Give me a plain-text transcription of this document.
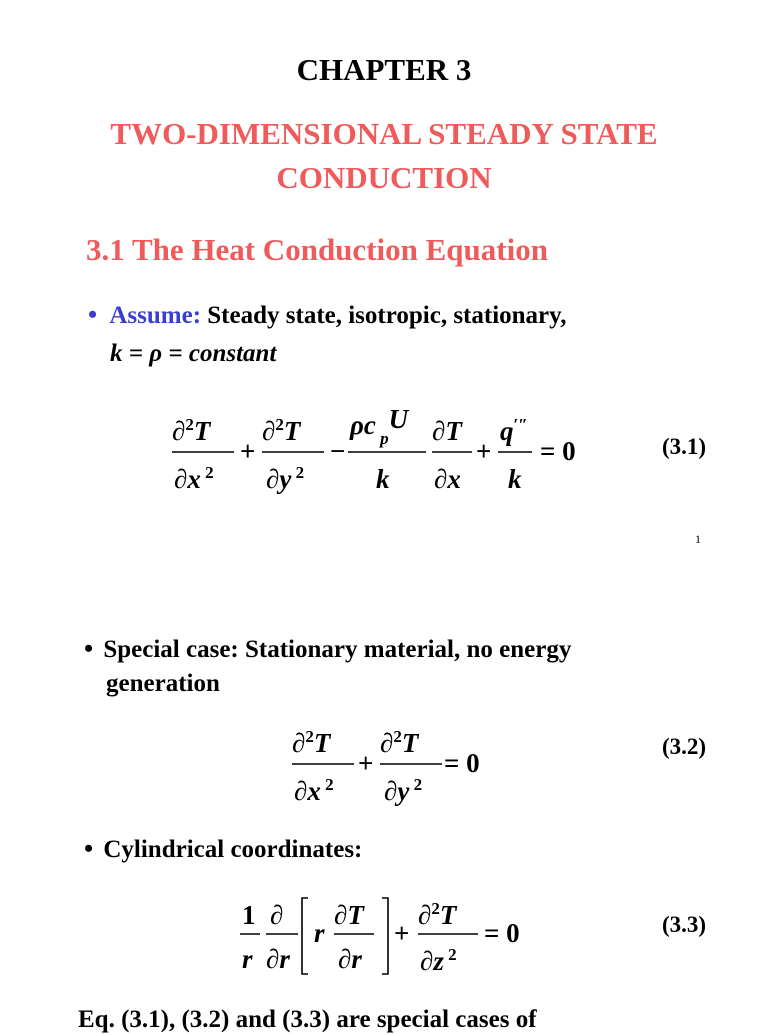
CHAPTER 3
TWO-DIMENSIONAL STEADY STATE
CONDUCTION
3.1 The Heat Conduction Equation
• Assume: Steady state, isotropic, stationary,
k = ρ = constant
∂$^2$T
∂x $^2$
+
∂$^2$T
∂y $^2$
−
ρc $_p$U
k
∂T
∂x
+
q′″
k
= 0	(3.1)
1
• Special case: Stationary material, no energy
generation
∂$^2$T
∂x $^2$
+
∂$^2$T
∂y $^2$
= 0
(3.2)
• Cylindrical coordinates:
1
r
∂
∂r
r
∂T
∂r
+
∂$^2$T
∂z $^2$
= 0	(3.3)
Eq. (3.1), (3.2) and (3.3) are special cases of
